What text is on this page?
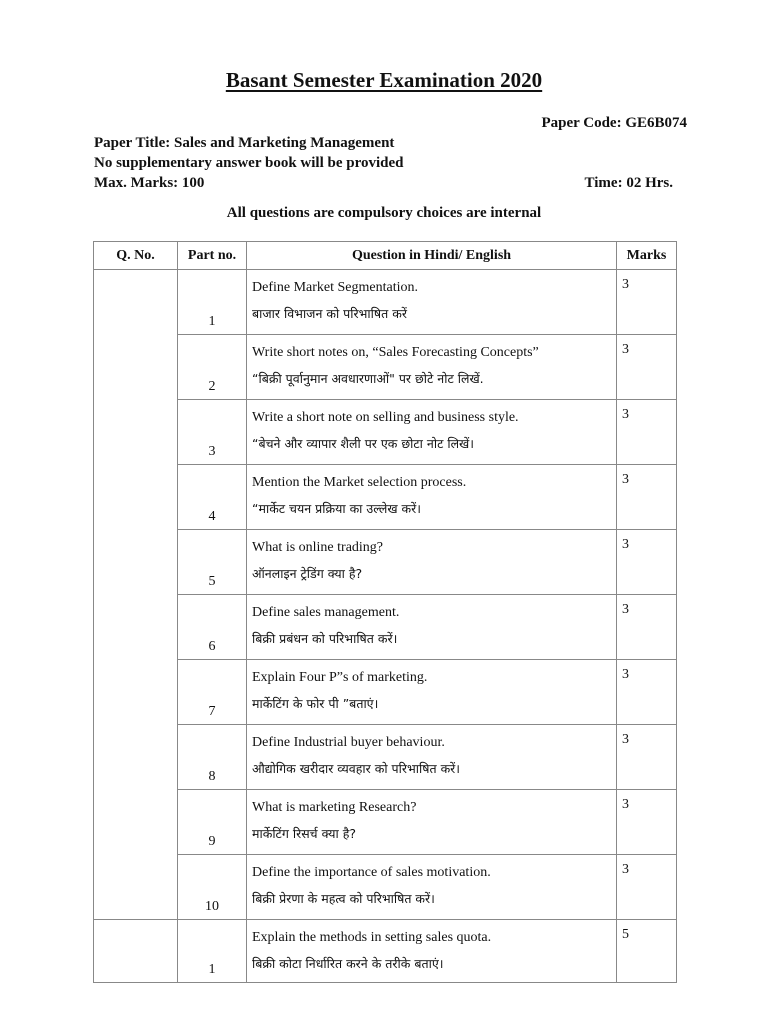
Basant Semester Examination 2020
Paper Code: GE6B074
Paper Title: Sales and Marketing Management
No supplementary answer book will be provided
Max. Marks: 100	Time: 02 Hrs.
All questions are compulsory choices are internal
Q. No.	Part no.	Question in Hindi/ English	Marks

	1	Define Market Segmentation.
बाजार विभाजन को परिभाषित करें	3

	2	Write short notes on, “Sales Forecasting Concepts”
“बिक्री पूर्वानुमान अवधारणाओं" पर छोटे नोट लिखें.	3

	3	Write a short note on selling and business style.
“बेचने और व्यापार शैली पर एक छोटा नोट लिखें।	3

	4	Mention the Market selection process.
“मार्केट चयन प्रक्रिया का उल्लेख करें।	3

	5	What is online trading?
ऑनलाइन ट्रेडिंग क्या है?	3

	6	Define sales management.
बिक्री प्रबंधन को परिभाषित करें।	3

	7	Explain Four P”s of marketing.
मार्केटिंग के फोर पी ”बताएं।	3

	8	Define Industrial buyer behaviour.
औद्योगिक खरीदार व्यवहार को परिभाषित करें।	3

	9	What is marketing Research?
मार्केटिंग रिसर्च क्या है?	3

	10	Define the importance of sales motivation.
बिक्री प्रेरणा के महत्व को परिभाषित करें।	3

	1	Explain the methods in setting sales quota.
बिक्री कोटा निर्धारित करने के तरीके बताएं।	5
